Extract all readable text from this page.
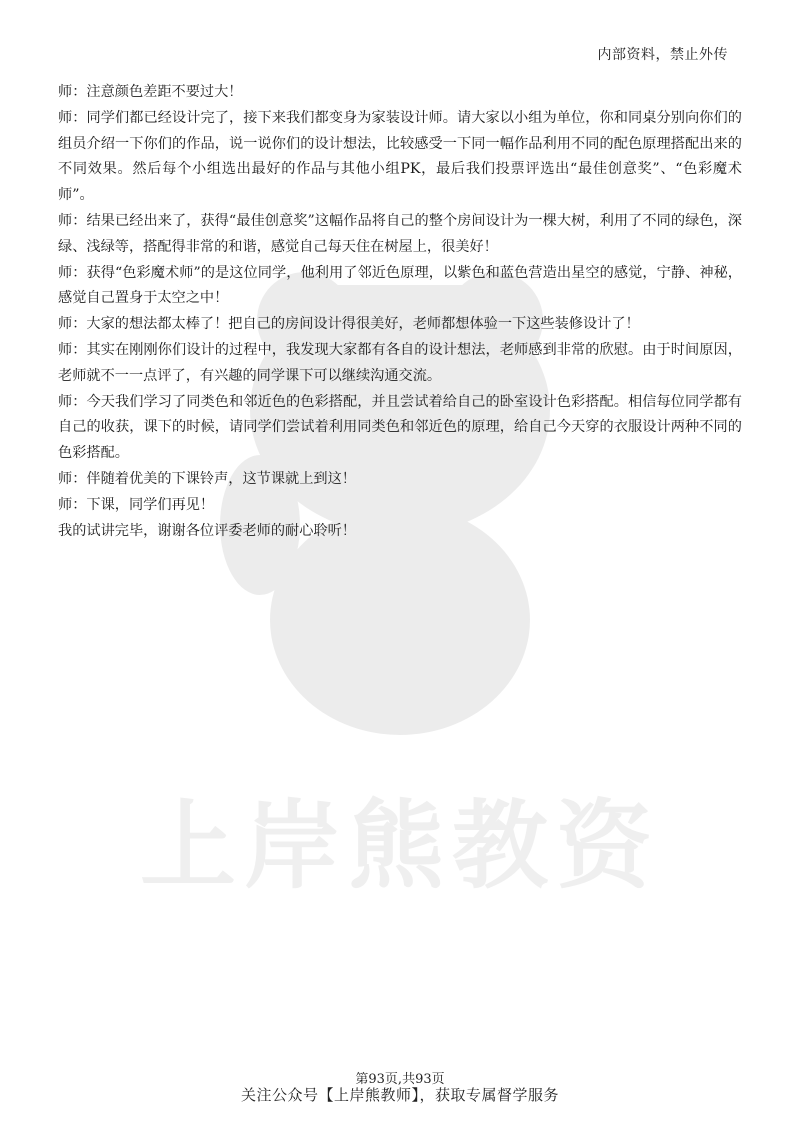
内部资料，禁止外传
上岸熊教资

师：注意颜色差距不要过大！

师：同学们都已经设计完了，接下来我们都变身为家装设计师。请大家以小组为单位，你和同桌分别向你们的组员介绍一下你们的作品，说一说你们的设计想法，比较感受一下同一幅作品利用不同的配色原理搭配出来的不同效果。然后每个小组选出最好的作品与其他小组PK，最后我们投票评选出“最佳创意奖”、“色彩魔术师”。

师：结果已经出来了，获得“最佳创意奖”这幅作品将自己的整个房间设计为一棵大树，利用了不同的绿色，深绿、浅绿等，搭配得非常的和谐，感觉自己每天住在树屋上，很美好！

师：获得“色彩魔术师”的是这位同学，他利用了邻近色原理，以紫色和蓝色营造出星空的感觉，宁静、神秘，感觉自己置身于太空之中！

师：大家的想法都太棒了！把自己的房间设计得很美好，老师都想体验一下这些装修设计了！

师：其实在刚刚你们设计的过程中，我发现大家都有各自的设计想法，老师感到非常的欣慰。由于时间原因，老师就不一一点评了，有兴趣的同学课下可以继续沟通交流。

师：今天我们学习了同类色和邻近色的色彩搭配，并且尝试着给自己的卧室设计色彩搭配。相信每位同学都有自己的收获，课下的时候，请同学们尝试着利用同类色和邻近色的原理，给自己今天穿的衣服设计两种不同的色彩搭配。

师：伴随着优美的下课铃声，这节课就上到这！

师：下课，同学们再见！

我的试讲完毕，谢谢各位评委老师的耐心聆听！

第93页,共93页
关注公众号【上岸熊教师】，获取专属督学服务
